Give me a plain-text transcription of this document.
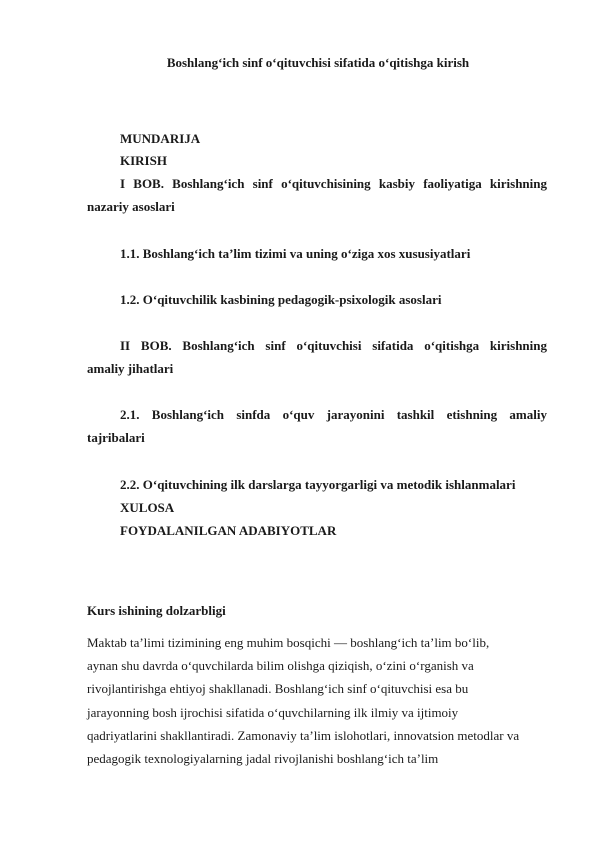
Boshlang‘ich sinf o‘qituvchisi sifatida o‘qitishga kirish
MUNDARIJA
KIRISH
I BOB. Boshlang‘ich sinf o‘qituvchisining kasbiy faoliyatiga kirishning
nazariy asoslari
1.1. Boshlang‘ich ta’lim tizimi va uning o‘ziga xos xususiyatlari
1.2. O‘qituvchilik kasbining pedagogik-psixologik asoslari
II BOB. Boshlang‘ich sinf o‘qituvchisi sifatida o‘qitishga kirishning
amaliy jihatlari
2.1. Boshlang‘ich sinfda o‘quv jarayonini tashkil etishning amaliy
tajribalari
2.2. O‘qituvchining ilk darslarga tayyorgarligi va metodik ishlanmalari
XULOSA
FOYDALANILGAN ADABIYOTLAR
Kurs ishining dolzarbligi

Maktab ta’limi tizimining eng muhim bosqichi — boshlang‘ich ta’lim bo‘lib,
aynan shu davrda o‘quvchilarda bilim olishga qiziqish, o‘zini o‘rganish va
rivojlantirishga ehtiyoj shakllanadi. Boshlang‘ich sinf o‘qituvchisi esa bu
jarayonning bosh ijrochisi sifatida o‘quvchilarning ilk ilmiy va ijtimoiy
qadriyatlarini shakllantiradi. Zamonaviy ta’lim islohotlari, innovatsion metodlar va
pedagogik texnologiyalarning jadal rivojlanishi boshlang‘ich ta’lim
